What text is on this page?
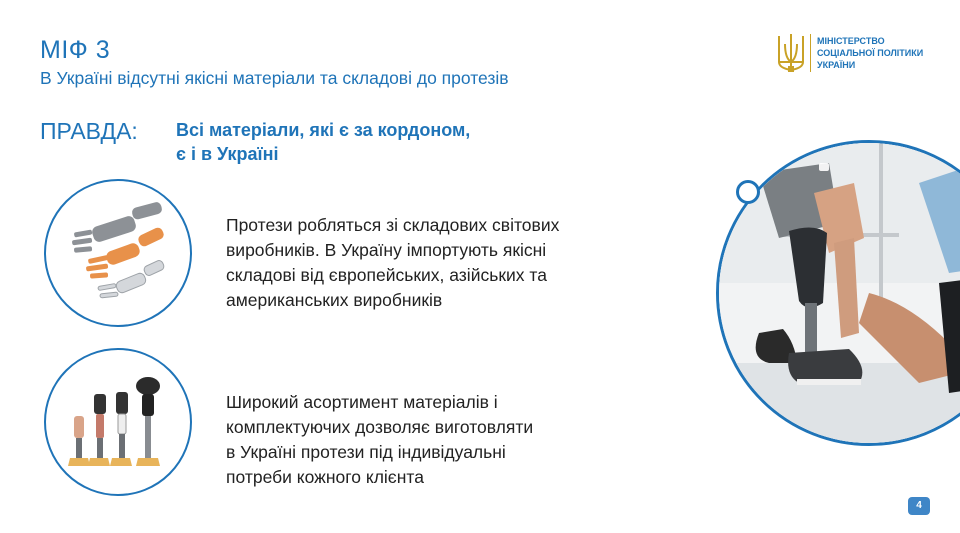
МІФ 3
В Україні відсутні якісні матеріали та складові до протезів
ПРАВДА: Всі матеріали, які є за кордоном, є і в Україні
МІНІСТЕРСТВО
СОЦІАЛЬНОЇ ПОЛІТИКИ
УКРАЇНИ
Протези робляться зі складових світових
виробників. В Україну імпортують якісні
складові від європейських, азійських та
американських виробників
Широкий асортимент матеріалів і
комплектуючих дозволяє виготовляти
в Україні протези під індивідуальні
потреби кожного клієнта
4
